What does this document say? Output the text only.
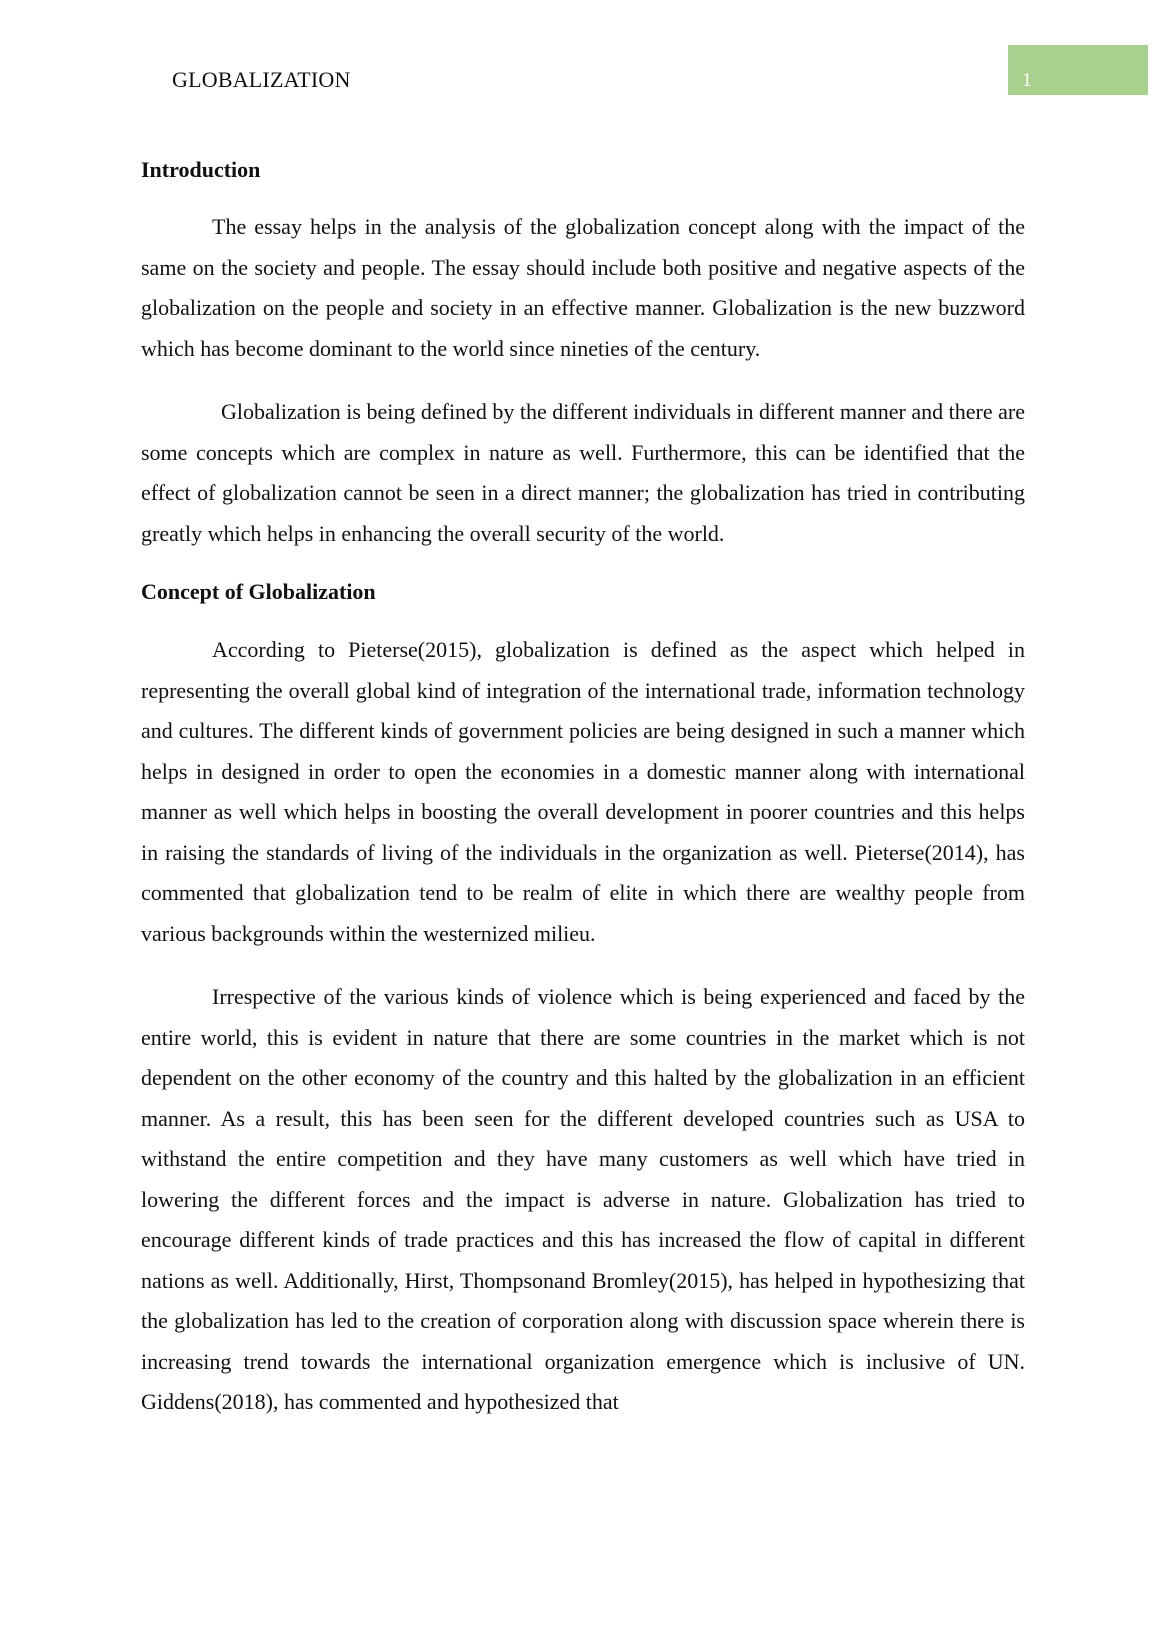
GLOBALIZATION	1
Introduction

The essay helps in the analysis of the globalization concept along with the impact of the same on the society and people. The essay should include both positive and negative aspects of the globalization on the people and society in an effective manner. Globalization is the new buzzword which has become dominant to the world since nineties of the century.

Globalization is being defined by the different individuals in different manner and there are some concepts which are complex in nature as well. Furthermore, this can be identified that the effect of globalization cannot be seen in a direct manner; the globalization has tried in contributing greatly which helps in enhancing the overall security of the world.

Concept of Globalization

According to Pieterse(2015), globalization is defined as the aspect which helped in representing the overall global kind of integration of the international trade, information technology and cultures. The different kinds of government policies are being designed in such a manner which helps in designed in order to open the economies in a domestic manner along with international manner as well which helps in boosting the overall development in poorer countries and this helps in raising the standards of living of the individuals in the organization as well. Pieterse(2014), has commented that globalization tend to be realm of elite in which there are wealthy people from various backgrounds within the westernized milieu.

Irrespective of the various kinds of violence which is being experienced and faced by the entire world, this is evident in nature that there are some countries in the market which is not dependent on the other economy of the country and this halted by the globalization in an efficient manner. As a result, this has been seen for the different developed countries such as USA to withstand the entire competition and they have many customers as well which have tried in lowering the different forces and the impact is adverse in nature. Globalization has tried to encourage different kinds of trade practices and this has increased the flow of capital in different nations as well. Additionally, Hirst, Thompsonand Bromley(2015), has helped in hypothesizing that the globalization has led to the creation of corporation along with discussion space wherein there is increasing trend towards the international organization emergence which is inclusive of UN. Giddens(2018), has commented and hypothesized that
